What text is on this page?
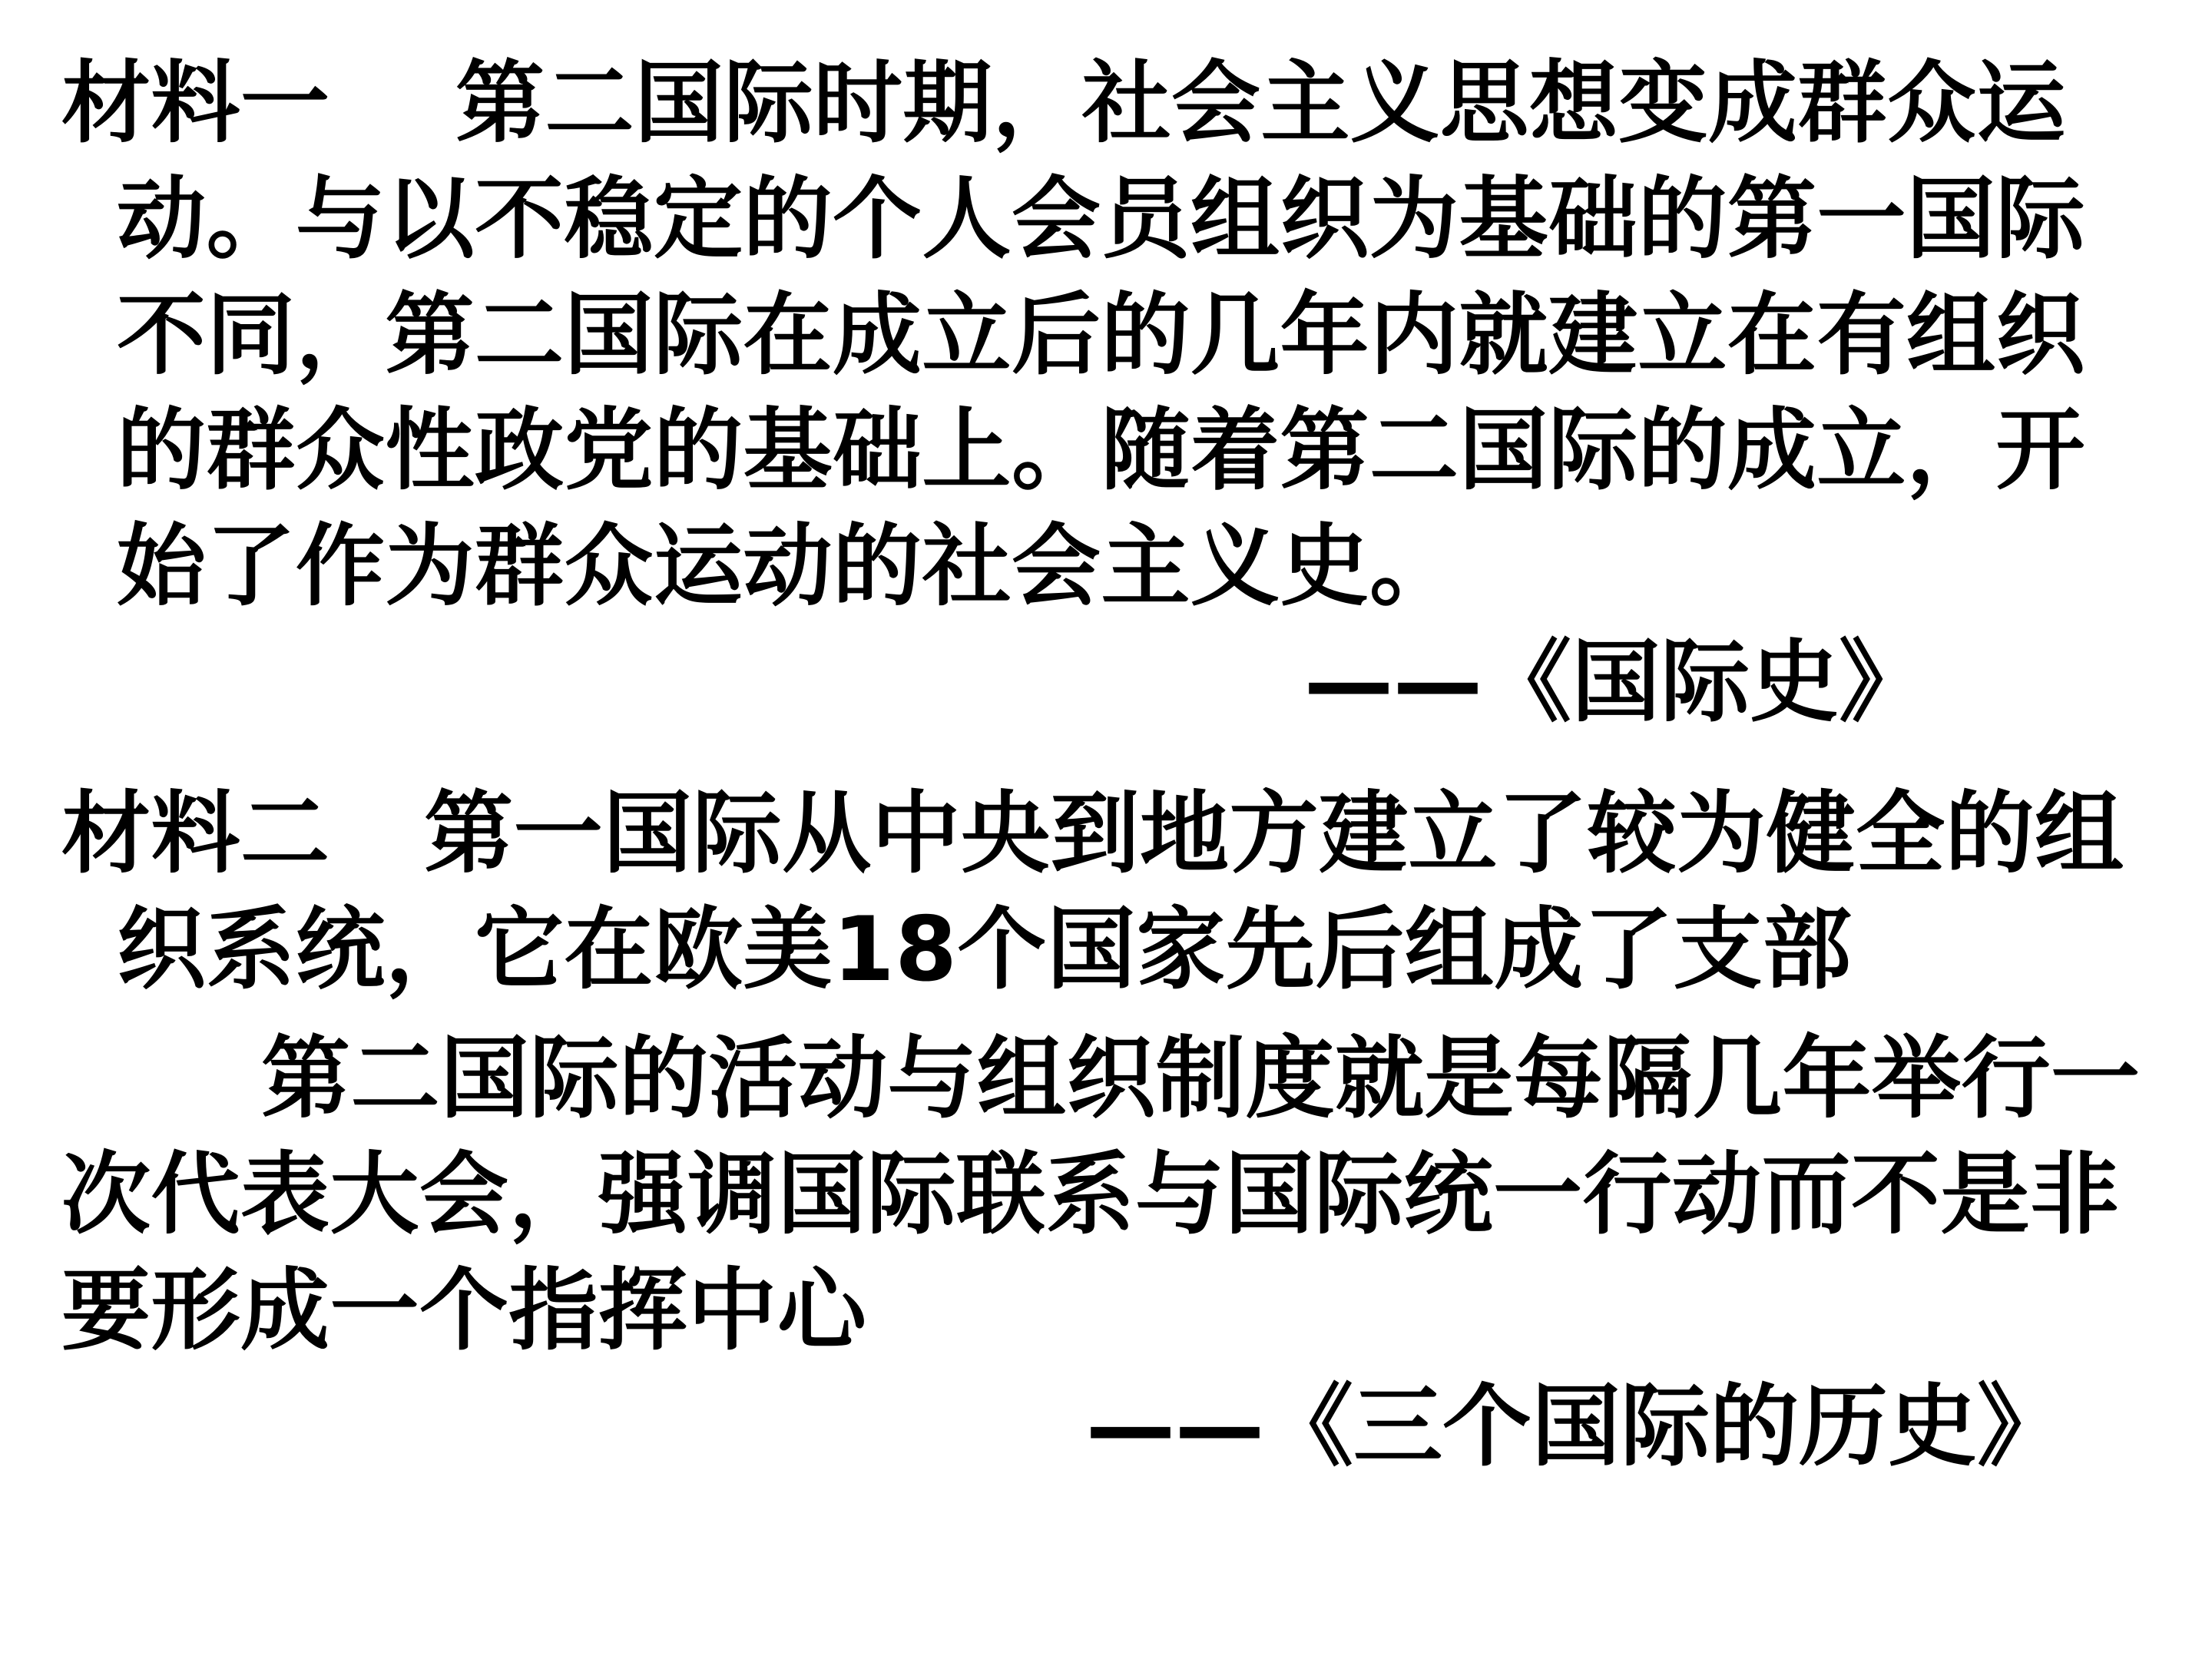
材料一    第二国际时期，社会主义思想变成群众运动。与以不稳定的个人会员组织为基础的第一国际不同，第二国际在成立后的几年内就建立在有组织的群众性政党的基础上。随着第二国际的成立，开始了作为群众运动的社会主义史。
——《国际史》
材料二   第一国际从中央到地方建立了较为健全的组织系统，它在欧美18个国家先后组成了支部
第二国际的活动与组织制度就是每隔几年举行一次代表大会，强调国际联系与国际统一行动而不是非要形成一个指挥中心
——《三个国际的历史》
